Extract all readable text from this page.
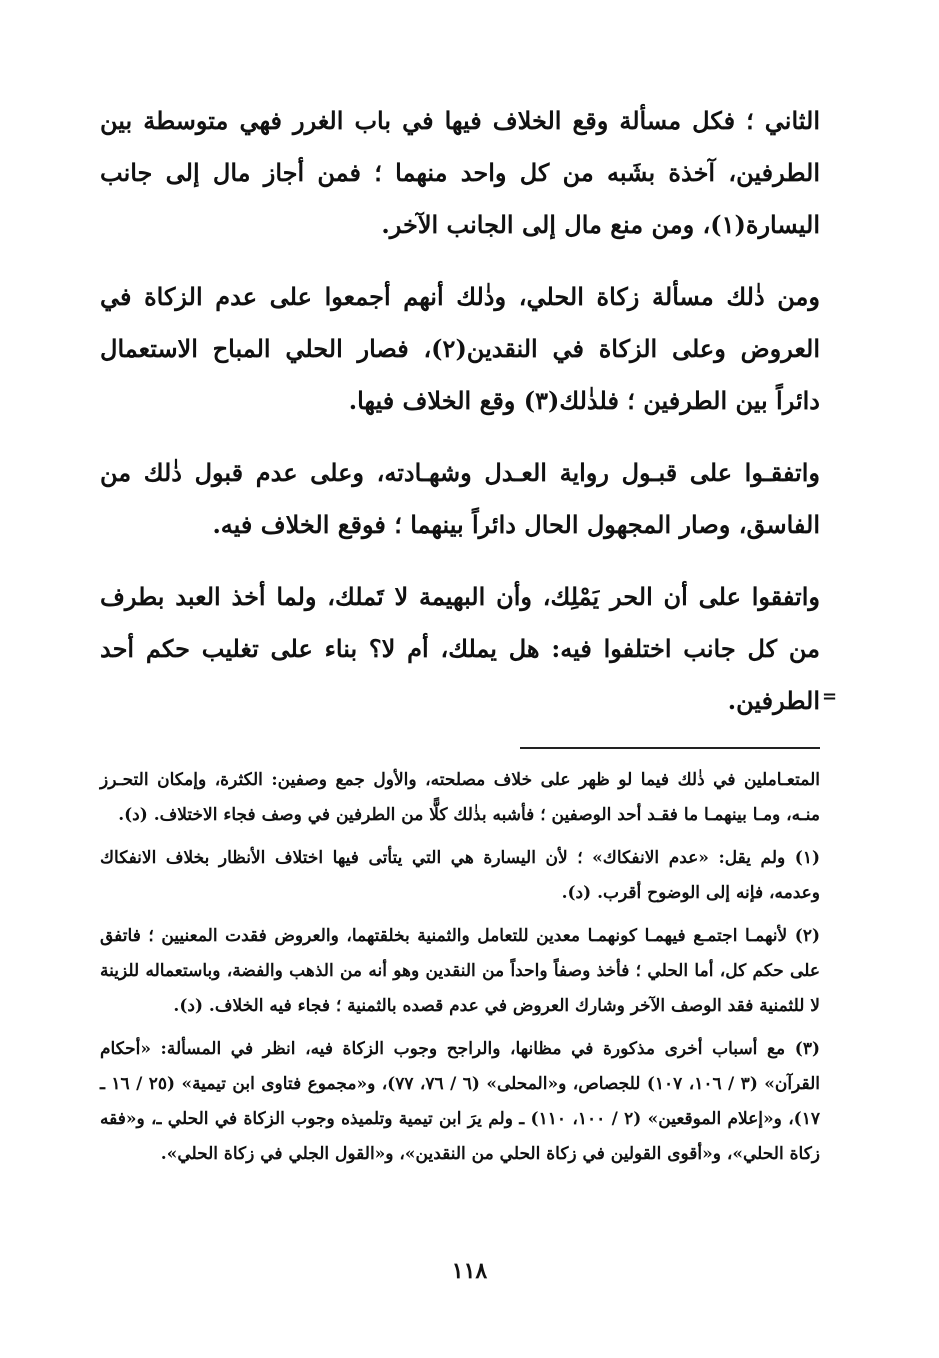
الثاني ؛ فكل مسألة وقع الخلاف فيها في باب الغرر فهي متوسطة بين الطرفين، آخذة بشَبه من كل واحد منهما ؛ فمن أجاز مال إلى جانب اليسارة(١)، ومن منع مال إلى الجانب الآخر.

ومن ذٰلك مسألة زكاة الحلي، وذٰلك أنهم أجمعوا على عدم الزكاة في العروض وعلى الزكاة في النقدين(٢)، فصار الحلي المباح الاستعمال دائراً بين الطرفين ؛ فلذٰلك(٣) وقع الخلاف فيها.

واتفقـوا على قبـول رواية العـدل وشهـادته، وعلى عدم قبول ذٰلك من الفاسق، وصار المجهول الحال دائراً بينهما ؛ فوقع الخلاف فيه.

واتفقوا على أن الحر يَمْلِك، وأن البهيمة لا تَملك، ولما أخذ العبد بطرف من كل جانب اختلفوا فيه: هل يملك، أم لا؟ بناء على تغليب حكم أحد الطرفين.

المتعـاملين في ذٰلك فيما لو ظهر على خلاف مصلحته، والأول جمع وصفين: الكثرة، وإمكان التحـرز منـه، ومـا بينهمـا ما فقـد أحد الوصفين ؛ فأشبه بذٰلك كلًّا من الطرفين في وصف فجاء الاختلاف. (د).

(١) ولم يقل: «عدم الانفكاك» ؛ لأن اليسارة هي التي يتأتى فيها اختلاف الأنظار بخلاف الانفكاك وعدمه، فإنه إلى الوضوح أقرب. (د).

(٢) لأنهمـا اجتمـع فيهمـا كونهمـا معدين للتعامل والثمنية بخلقتهما، والعروض فقدت المعنيين ؛ فاتفق على حكم كل، أما الحلي ؛ فأخذ وصفاً واحداً من النقدين وهو أنه من الذهب والفضة، وباستعماله للزينة لا للثمنية فقد الوصف الآخر وشارك العروض في عدم قصده بالثمنية ؛ فجاء فيه الخلاف. (د).

(٣) مع أسباب أخرى مذكورة في مظانها، والراجح وجوب الزكاة فيه، انظر في المسألة: «أحكام القرآن» (٣ / ١٠٦، ١٠٧) للجصاص، و«المحلى» (٦ / ٧٦، ٧٧)، و«مجموع فتاوى ابن تيمية» (٢٥ / ١٦ ـ ١٧)، و«إعلام الموقعين» (٢ / ١٠٠، ١١٠) ـ ولم يرَ ابن تيمية وتلميذه وجوب الزكاة في الحلي ـ، و«فقه زكاة الحلي»، و«أقوى القولين في زكاة الحلي من النقدين»، و«القول الجلي في زكاة الحلي».

=
١١٨
